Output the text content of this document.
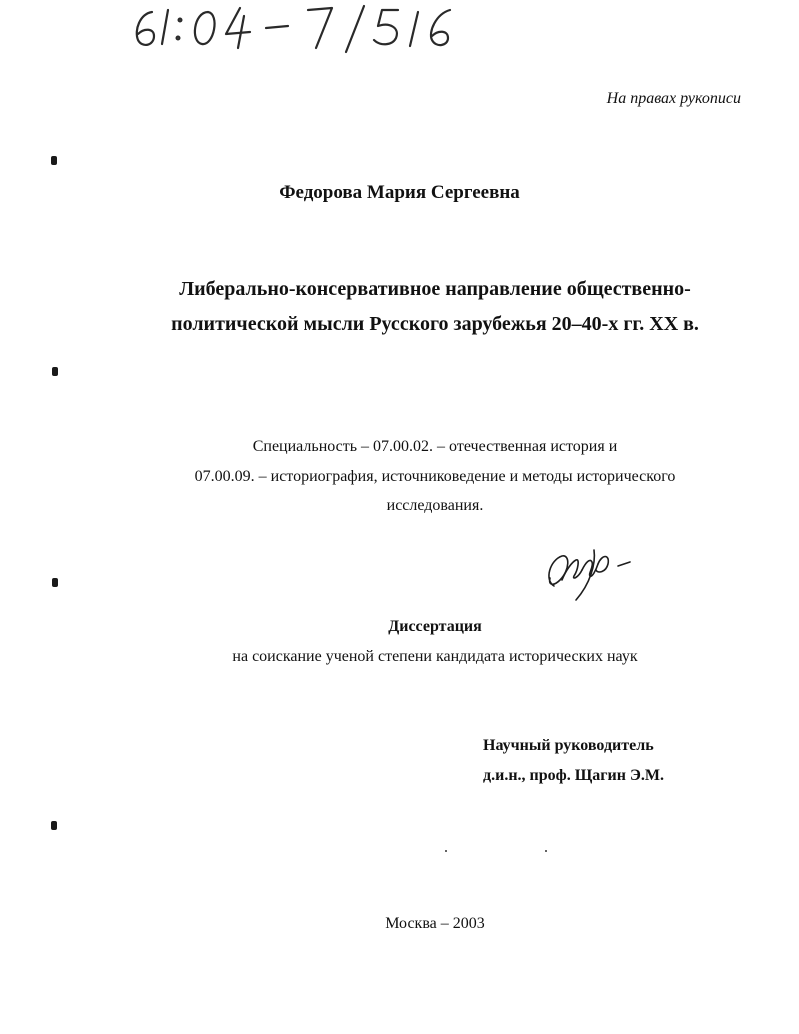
На правах рукописи
Федорова Мария Сергеевна
Либерально-консервативное направление общественно-
политической мысли Русского зарубежья 20–40-х гг. XX в.
Специальность – 07.00.02. – отечественная история и
07.00.09. – историография, источниковедение и методы исторического
исследования.
Диссертация
на соискание ученой степени кандидата исторических наук
Научный руководитель
д.и.н., проф. Щагин Э.М.
Москва – 2003
